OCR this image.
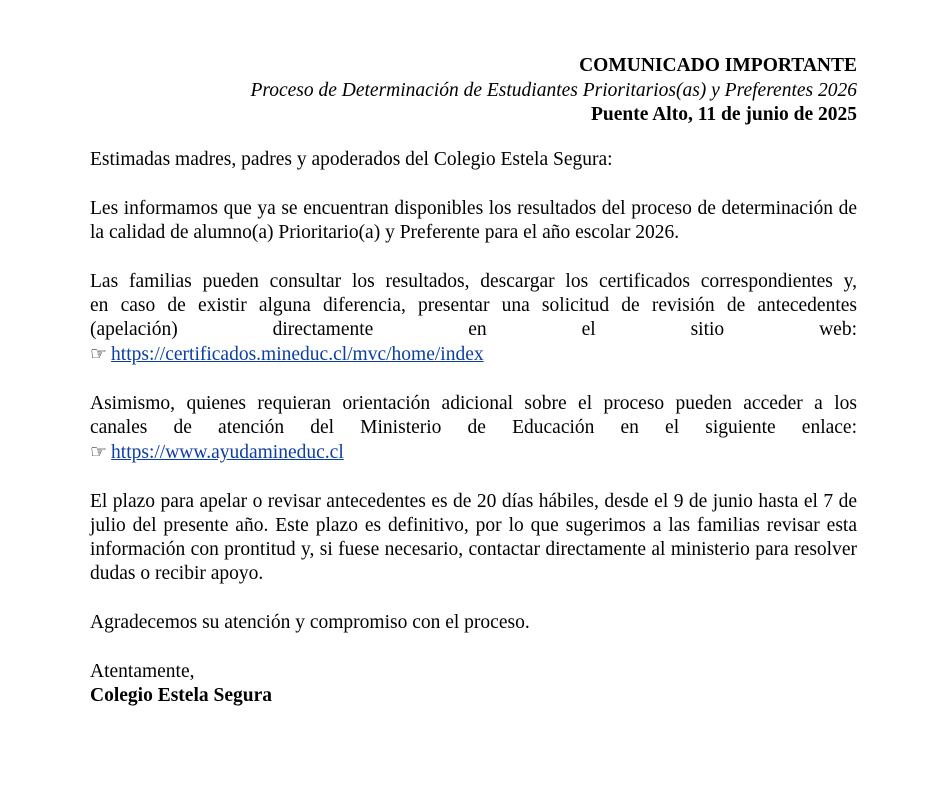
COMUNICADO IMPORTANTE
Proceso de Determinación de Estudiantes Prioritarios(as) y Preferentes 2026
Puente Alto, 11 de junio de 2025

Estimadas madres, padres y apoderados del Colegio Estela Segura:

Les informamos que ya se encuentran disponibles los resultados del proceso de determinación de la calidad de alumno(a) Prioritario(a) y Preferente para el año escolar 2026.

Las familias pueden consultar los resultados, descargar los certificados correspondientes y,
en caso de existir alguna diferencia, presentar una solicitud de revisión de antecedentes
(apelación) directamente en el sitio web:
☞ https://certificados.mineduc.cl/mvc/home/index

Asimismo, quienes requieran orientación adicional sobre el proceso pueden acceder a los
canales de atención del Ministerio de Educación en el siguiente enlace:
☞ https://www.ayudamineduc.cl

El plazo para apelar o revisar antecedentes es de 20 días hábiles, desde el 9 de junio hasta el 7 de julio del presente año. Este plazo es definitivo, por lo que sugerimos a las familias revisar esta información con prontitud y, si fuese necesario, contactar directamente al ministerio para resolver dudas o recibir apoyo.

Agradecemos su atención y compromiso con el proceso.

Atentamente,
Colegio Estela Segura
